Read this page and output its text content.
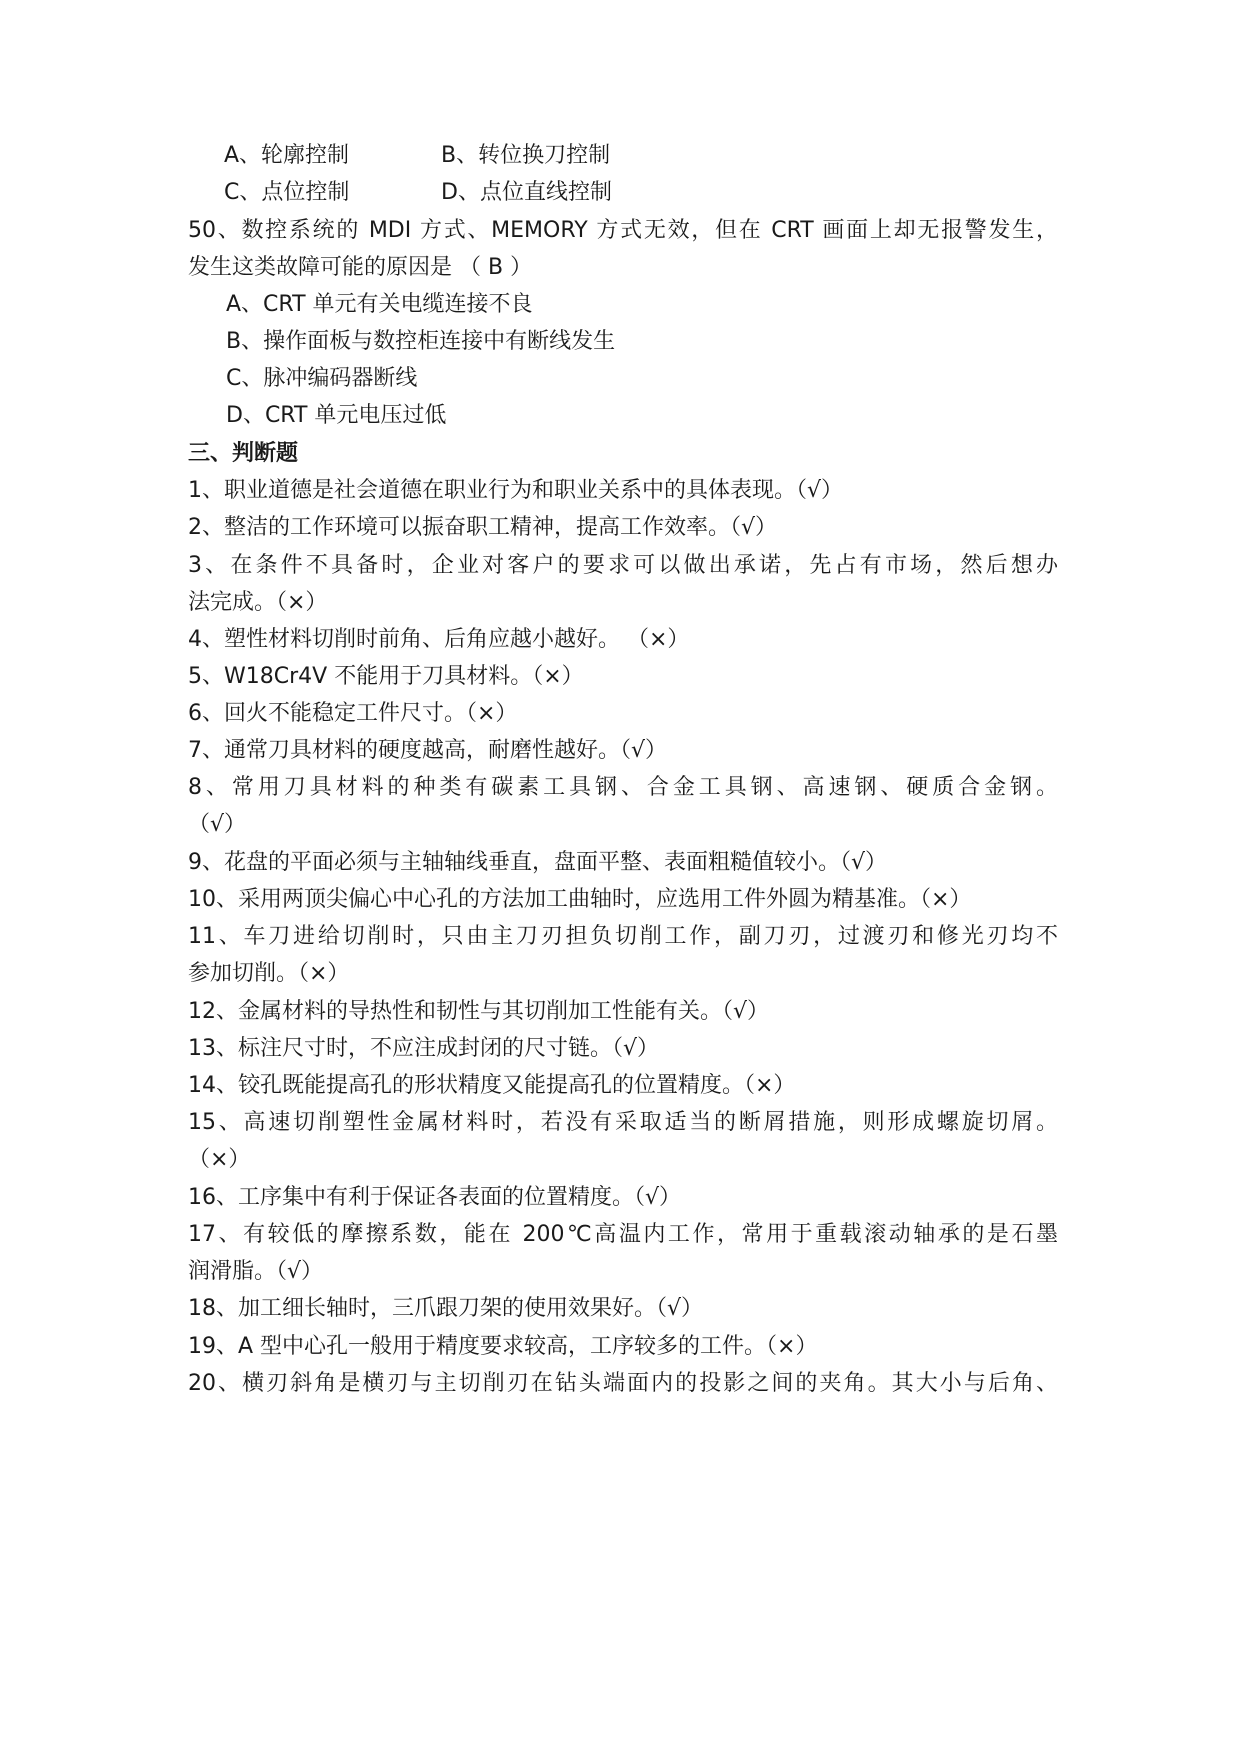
A、轮廓控制	B、转位换刀控制
C、点位控制	D、点位直线控制
50、数控系统的 MDI 方式、MEMORY 方式无效，但在 CRT 画面上却无报警发生，
发生这类故障可能的原因是 （ B ）
A、CRT 单元有关电缆连接不良
B、操作面板与数控柜连接中有断线发生
C、脉冲编码器断线
D、CRT 单元电压过低
三、判断题
1、职业道德是社会道德在职业行为和职业关系中的具体表现。（√）
2、整洁的工作环境可以振奋职工精神，提高工作效率。（√）
3、在条件不具备时，企业对客户的要求可以做出承诺，先占有市场，然后想办
法完成。（×）
4、塑性材料切削时前角、后角应越小越好。 （×）
5、W18Cr4V 不能用于刀具材料。（×）
6、回火不能稳定工件尺寸。（×）
7、通常刀具材料的硬度越高，耐磨性越好。（√）
8、常用刀具材料的种类有碳素工具钢、合金工具钢、高速钢、硬质合金钢。
（√）
9、花盘的平面必须与主轴轴线垂直，盘面平整、表面粗糙值较小。（√）
10、采用两顶尖偏心中心孔的方法加工曲轴时，应选用工件外圆为精基准。（×）
11、车刀进给切削时，只由主刀刃担负切削工作，副刀刃，过渡刃和修光刃均不
参加切削。（×）
12、金属材料的导热性和韧性与其切削加工性能有关。（√）
13、标注尺寸时，不应注成封闭的尺寸链。（√）
14、铰孔既能提高孔的形状精度又能提高孔的位置精度。（×）
15、高速切削塑性金属材料时，若没有采取适当的断屑措施，则形成螺旋切屑。
（×）
16、工序集中有利于保证各表面的位置精度。（√）
17、有较低的摩擦系数，能在 200℃高温内工作，常用于重载滚动轴承的是石墨
润滑脂。（√）
18、加工细长轴时，三爪跟刀架的使用效果好。（√）
19、A 型中心孔一般用于精度要求较高，工序较多的工件。（×）
20、横刃斜角是横刃与主切削刃在钻头端面内的投影之间的夹角。其大小与后角、
